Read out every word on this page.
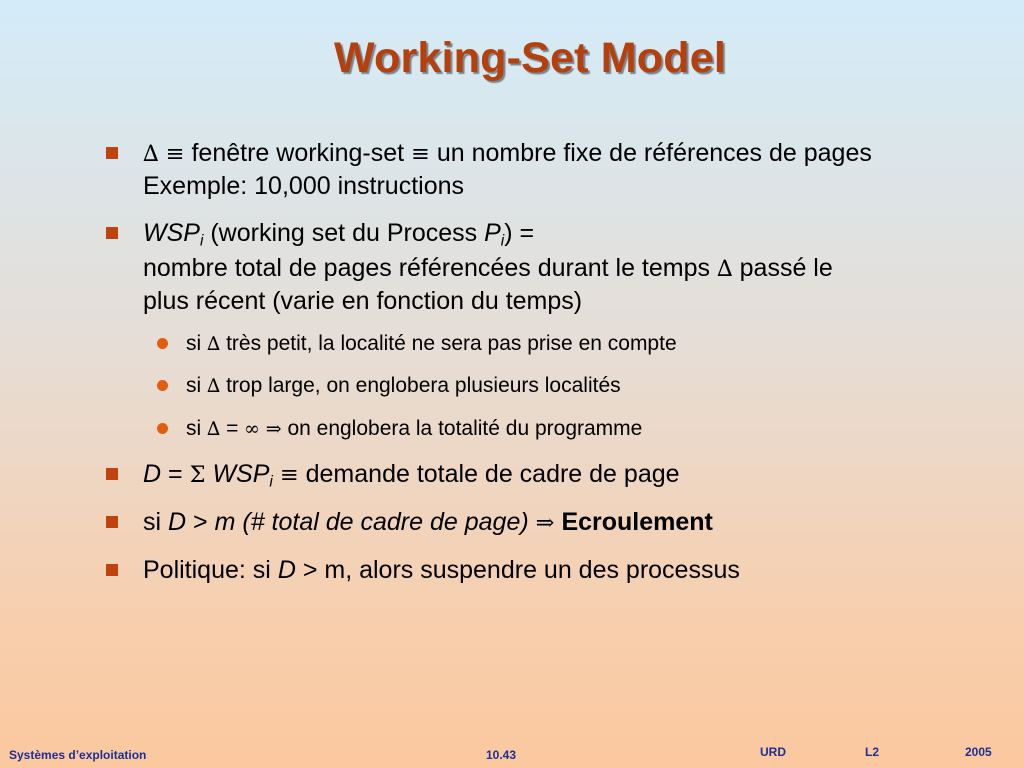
Working-Set Model
∆ ≡ fenêtre working-set ≡ un nombre fixe de références de pages
Exemple: 10,000 instructions
$WSP_i$ (working set du Process $P_i$) =
nombre total de pages référencées durant le temps ∆ passé le
plus récent (varie en fonction du temps)
si ∆ très petit, la localité ne sera pas prise en compte
si ∆ trop large, on englobera plusieurs localités
si ∆ = ∞ ⇒ on englobera la totalité du programme
D = Σ $WSP_i$ ≡ demande totale de cadre de page
si D > m (# total de cadre de page) ⇒ Ecroulement
Politique: si D > m, alors suspendre un des processus
Systèmes d’exploitation	10.43	URD	L2	2005
